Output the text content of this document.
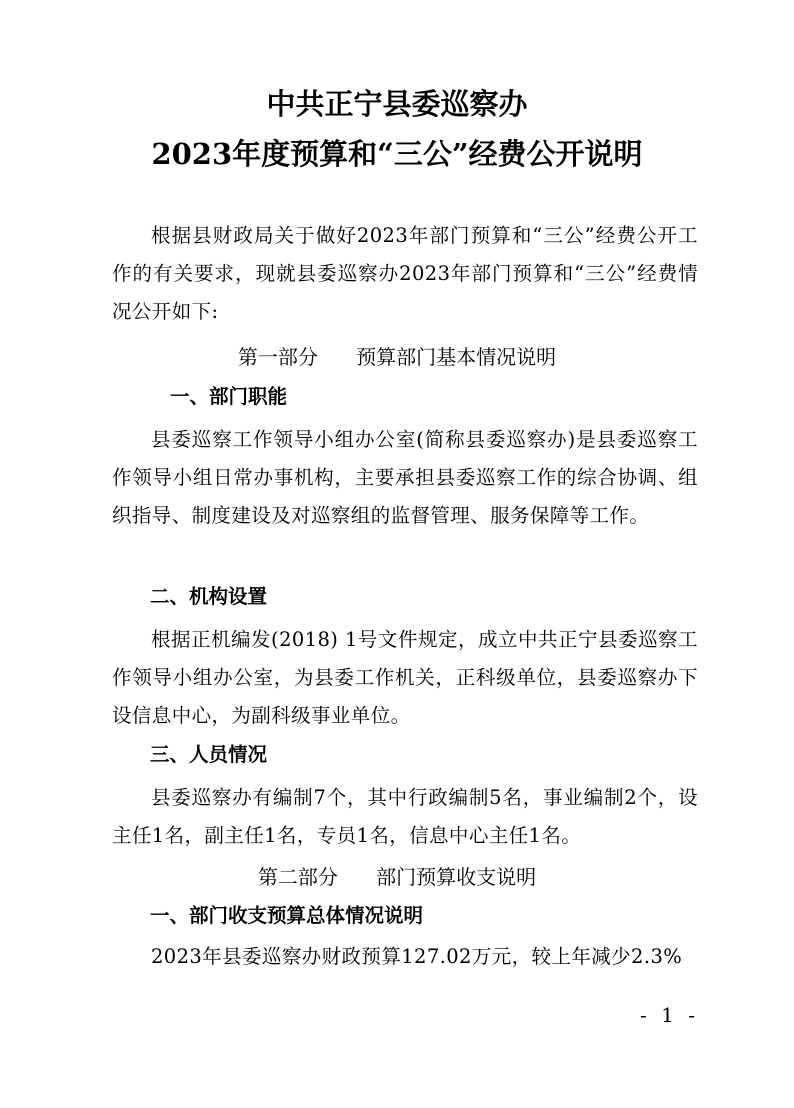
中共正宁县委巡察办
2023年度预算和“三公”经费公开说明

根据县财政局关于做好2023年部门预算和“三公”经费公开工作的有关要求，现就县委巡察办2023年部门预算和“三公”经费情况公开如下:

第一部分      预算部门基本情况说明
一、部门职能

县委巡察工作领导小组办公室(简称县委巡察办)是县委巡察工作领导小组日常办事机构，主要承担县委巡察工作的综合协调、组织指导、制度建设及对巡察组的监督管理、服务保障等工作。

二、机构设置

根据正机编发(2018) 1号文件规定，成立中共正宁县委巡察工作领导小组办公室，为县委工作机关，正科级单位，县委巡察办下设信息中心，为副科级事业单位。

三、人员情况

县委巡察办有编制7个，其中行政编制5名，事业编制2个，设主任1名，副主任1名，专员1名，信息中心主任1名。

第二部分      部门预算收支说明
一、部门收支预算总体情况说明

2023年县委巡察办财政预算127.02万元，较上年减少2.3%

- 1 -
